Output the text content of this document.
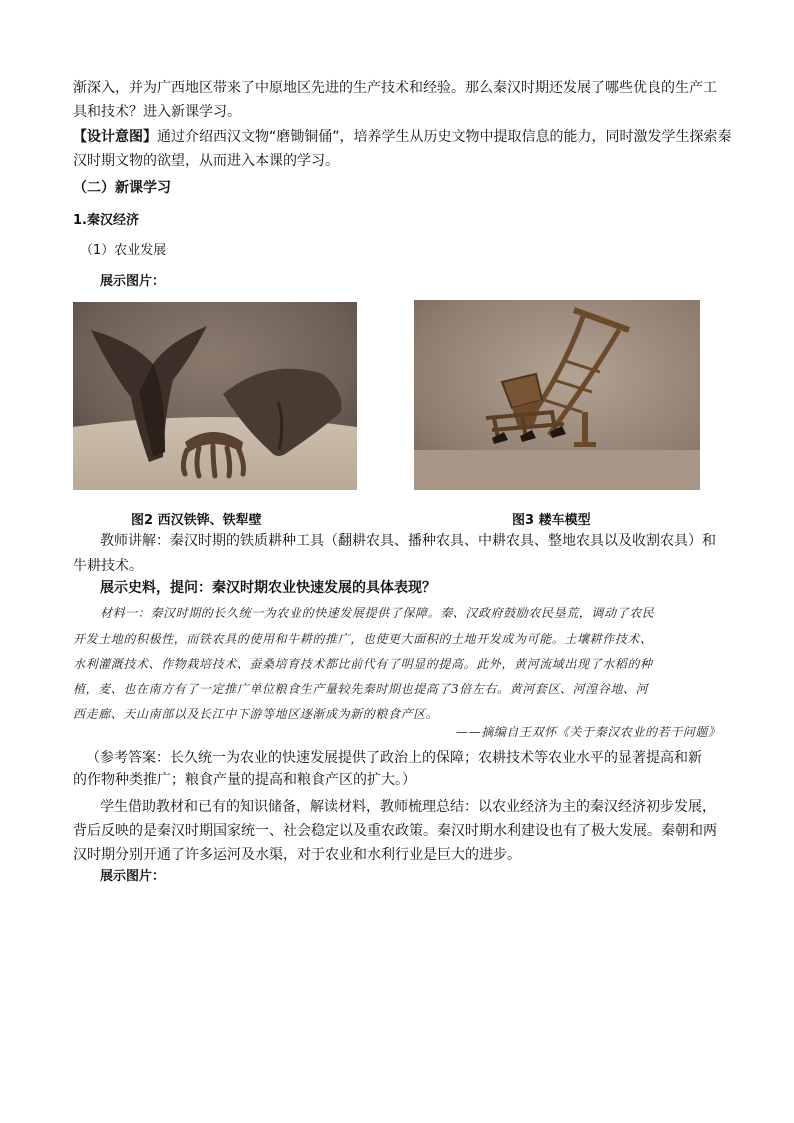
渐深入，并为广西地区带来了中原地区先进的生产技术和经验。那么秦汉时期还发展了哪些优良的生产工
具和技术？进入新课学习。
【设计意图】通过介绍西汉文物“磨锄铜俑”，培养学生从历史文物中提取信息的能力，同时激发学生探索秦
汉时期文物的欲望，从而进入本课的学习。
（二）新课学习
1.秦汉经济
（1）农业发展
展示图片：
图2 西汉铁铧、铁犁壁	图3 耧车模型
教师讲解：秦汉时期的铁质耕种工具（翻耕农具、播种农具、中耕农具、整地农具以及收割农具）和
牛耕技术。
展示史料，提问：秦汉时期农业快速发展的具体表现？
材料一：秦汉时期的长久统一为农业的快速发展提供了保障。秦、汉政府鼓励农民垦荒，调动了农民
开发土地的积极性，而铁农具的使用和牛耕的推广，也使更大面积的土地开发成为可能。土壤耕作技术、
水利灌溉技术、作物栽培技术、蚕桑培育技术都比前代有了明显的提高。此外，黄河流域出现了水稻的种
植，麦、也在南方有了一定推广单位粮食生产量较先秦时期也提高了3倍左右。黄河套区、河湟谷地、河
西走廊、天山南部以及长江中下游等地区逐渐成为新的粮食产区。
——摘编自王双怀《关于秦汉农业的若干问题》
（参考答案：长久统一为农业的快速发展提供了政治上的保障；农耕技术等农业水平的显著提高和新
的作物种类推广；粮食产量的提高和粮食产区的扩大。）
学生借助教材和已有的知识储备，解读材料，教师梳理总结：以农业经济为主的秦汉经济初步发展，
背后反映的是秦汉时期国家统一、社会稳定以及重农政策。秦汉时期水利建设也有了极大发展。秦朝和两
汉时期分别开通了许多运河及水渠，对于农业和水利行业是巨大的进步。
展示图片：
